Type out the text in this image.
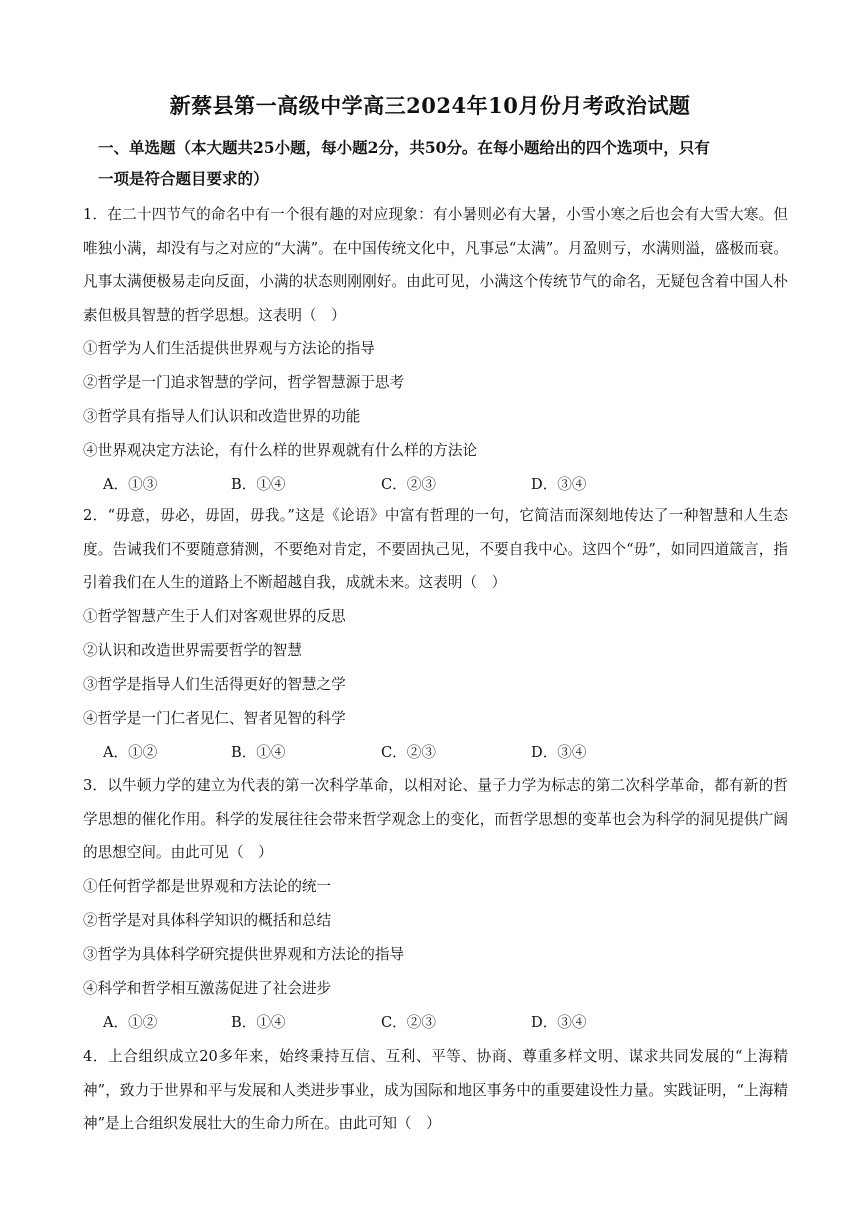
新蔡县第一高级中学高三2024年10月份月考政治试题
一、单选题（本大题共25小题，每小题2分，共50分。在每小题给出的四个选项中，只有
一项是符合题目要求的）
1．在二十四节气的命名中有一个很有趣的对应现象：有小暑则必有大暑，小雪小寒之后也会有大雪大寒。但唯独小满，却没有与之对应的“大满”。在中国传统文化中，凡事忌“太满”。月盈则亏，水满则溢，盛极而衰。凡事太满便极易走向反面，小满的状态则刚刚好。由此可见，小满这个传统节气的命名，无疑包含着中国人朴素但极具智慧的哲学思想。这表明（　）
①哲学为人们生活提供世界观与方法论的指导
②哲学是一门追求智慧的学问，哲学智慧源于思考
③哲学具有指导人们认识和改造世界的功能
④世界观决定方法论，有什么样的世界观就有什么样的方法论
A．①③	B．①④	C．②③	D．③④
2．“毋意，毋必，毋固，毋我。”这是《论语》中富有哲理的一句，它简洁而深刻地传达了一种智慧和人生态度。告诫我们不要随意猜测，不要绝对肯定，不要固执己见，不要自我中心。这四个“毋”，如同四道箴言，指引着我们在人生的道路上不断超越自我，成就未来。这表明（　）
①哲学智慧产生于人们对客观世界的反思
②认识和改造世界需要哲学的智慧
③哲学是指导人们生活得更好的智慧之学
④哲学是一门仁者见仁、智者见智的科学
A．①②	B．①④	C．②③	D．③④
3．以牛顿力学的建立为代表的第一次科学革命，以相对论、量子力学为标志的第二次科学革命，都有新的哲学思想的催化作用。科学的发展往往会带来哲学观念上的变化，而哲学思想的变革也会为科学的洞见提供广阔的思想空间。由此可见（　）
①任何哲学都是世界观和方法论的统一
②哲学是对具体科学知识的概括和总结
③哲学为具体科学研究提供世界观和方法论的指导
④科学和哲学相互激荡促进了社会进步
A．①②	B．①④	C．②③	D．③④
4．上合组织成立20多年来，始终秉持互信、互利、平等、协商、尊重多样文明、谋求共同发展的“上海精神”，致力于世界和平与发展和人类进步事业，成为国际和地区事务中的重要建设性力量。实践证明，“上海精神”是上合组织发展壮大的生命力所在。由此可知（　）
